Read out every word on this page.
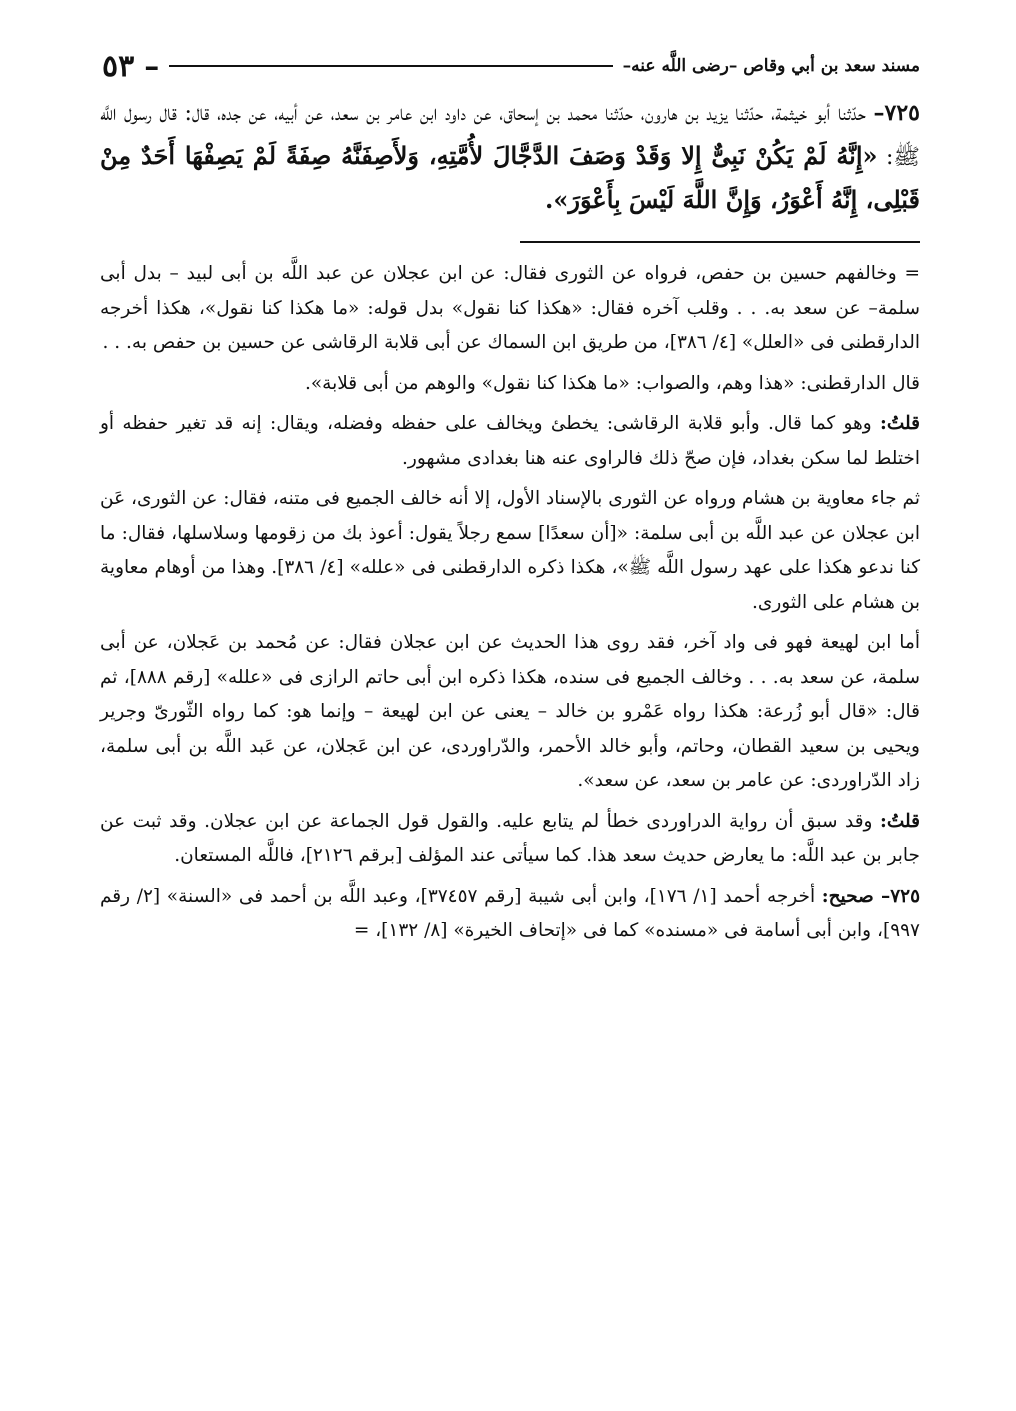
٥٣ –	مسند سعد بن أبي وقاص –رضى اللَّه عنه–

٧٢٥– حدّثنا أبو خيثمة، حدّثنا يزيد بن هارون، حدّثنا محمد بن إسحاق، عن داود ابن عامر بن سعد، عن أبيه، عن جده، قال: قال رسول اللَّه ﷺ: «إِنَّهُ لَمْ يَكُنْ نَبِىٌّ إِلا وَقَدْ وَصَفَ الدَّجَّالَ لأُمَّتِهِ، وَلأَصِفَنَّهُ صِفَةً لَمْ يَصِفْهَا أَحَدٌ مِنْ قَبْلِى، إِنَّهُ أَعْوَرُ، وَإِنَّ اللَّهَ لَيْسَ بِأَعْوَرَ».

= وخالفهم حسين بن حفص، فرواه عن الثورى فقال: عن ابن عجلان عن عبد اللَّه بن أبى لبيد – بدل أبى سلمة– عن سعد به. . . وقلب آخره فقال: «هكذا كنا نقول» بدل قوله: «ما هكذا كنا نقول»، هكذا أخرجه الدارقطنى فى «العلل» [٤/ ٣٨٦]، من طريق ابن السماك عن أبى قلابة الرقاشى عن حسين بن حفص به. . .

قال الدارقطنى: «هذا وهم، والصواب: «ما هكذا كنا نقول» والوهم من أبى قلابة».

قلتُ: وهو كما قال. وأبو قلابة الرقاشى: يخطئ ويخالف على حفظه وفضله، ويقال: إنه قد تغير حفظه أو اختلط لما سكن بغداد، فإن صحّ ذلك فالراوى عنه هنا بغدادى مشهور.

ثم جاء معاوية بن هشام ورواه عن الثورى بالإسناد الأول، إلا أنه خالف الجميع فى متنه، فقال: عن الثورى، عَن ابن عجلان عن عبد اللَّه بن أبى سلمة: «[أن سعدًا] سمع رجلاً يقول: أعوذ بك من زقومها وسلاسلها، فقال: ما كنا ندعو هكذا على عهد رسول اللَّه ﷺ»، هكذا ذكره الدارقطنى فى «علله» [٤/ ٣٨٦]. وهذا من أوهام معاوية بن هشام على الثورى.

أما ابن لهيعة فهو فى واد آخر، فقد روى هذا الحديث عن ابن عجلان فقال: عن مُحمد بن عَجلان، عن أبى سلمة، عن سعد به. . . وخالف الجميع فى سنده، هكذا ذكره ابن أبى حاتم الرازى فى «علله» [رقم ٨٨٨]، ثم قال: «قال أبو زُرعة: هكذا رواه عَمْرو بن خالد – يعنى عن ابن لهيعة – وإنما هو: كما رواه الثّورىّ وجرير ويحيى بن سعيد القطان، وحاتم، وأبو خالد الأحمر، والدّراوردى، عن ابن عَجلان، عن عَبد اللَّه بن أبى سلمة، زاد الدّراوردى: عن عامر بن سعد، عن سعد».

قلتُ: وقد سبق أن رواية الدراوردى خطأ لم يتابع عليه. والقول قول الجماعة عن ابن عجلان. وقد ثبت عن جابر بن عبد اللَّه: ما يعارض حديث سعد هذا. كما سيأتى عند المؤلف [برقم ٢١٢٦]، فاللَّه المستعان.

٧٢٥– صحيح: أخرجه أحمد [١/ ١٧٦]، وابن أبى شيبة [رقم ٣٧٤٥٧]، وعبد اللَّه بن أحمد فى «السنة» [٢/ رقم ٩٩٧]، وابن أبى أسامة فى «مسنده» كما فى «إتحاف الخيرة» [٨/ ١٣٢]، =
